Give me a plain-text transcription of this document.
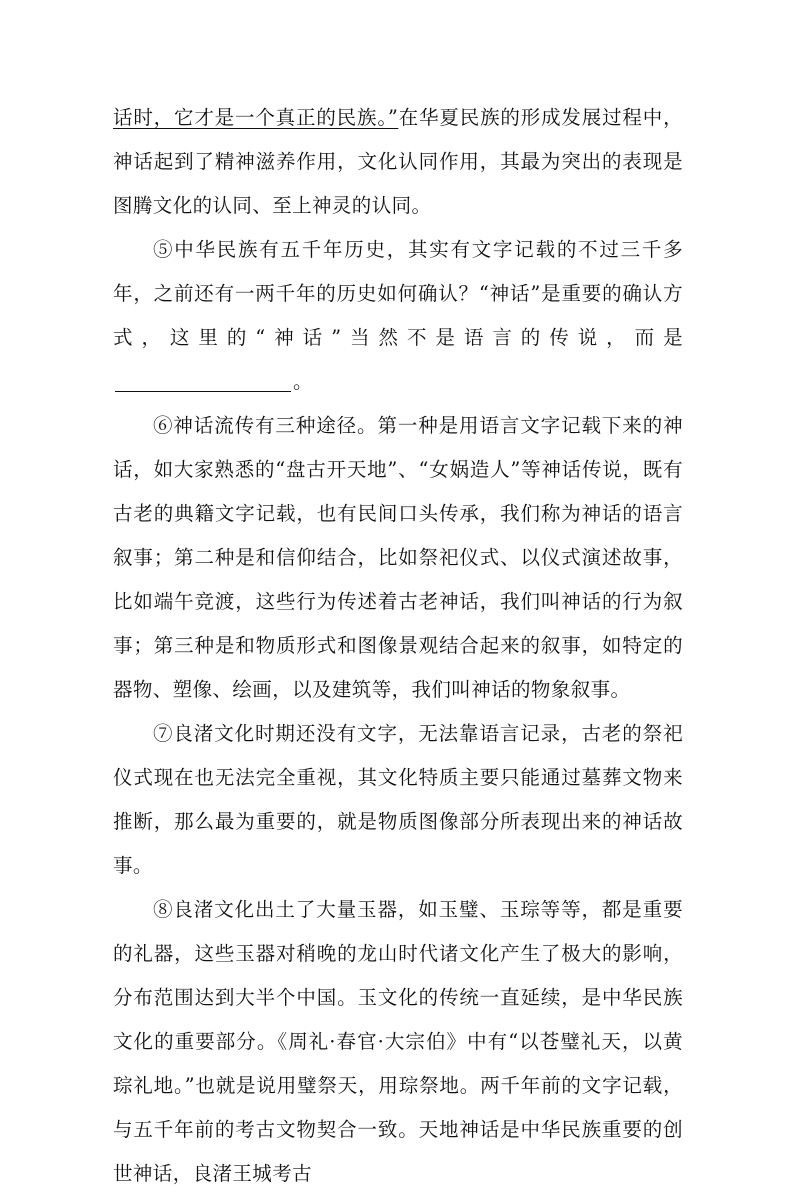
话时，它才是一个真正的民族。”在华夏民族的形成发展过程中，神话起到了精神滋养作用，文化认同作用，其最为突出的表现是图腾文化的认同、至上神灵的认同。

⑤中华民族有五千年历史，其实有文字记载的不过三千多年，之前还有一两千年的历史如何确认？“神话”是重要的确认方式，这里的“神话”当然不是语言的传说，而是。

⑥神话流传有三种途径。第一种是用语言文字记载下来的神话，如大家熟悉的“盘古开天地”、“女娲造人”等神话传说，既有古老的典籍文字记载，也有民间口头传承，我们称为神话的语言叙事；第二种是和信仰结合，比如祭祀仪式、以仪式演述故事，比如端午竞渡，这些行为传述着古老神话，我们叫神话的行为叙事；第三种是和物质形式和图像景观结合起来的叙事，如特定的器物、塑像、绘画，以及建筑等，我们叫神话的物象叙事。

⑦良渚文化时期还没有文字，无法靠语言记录，古老的祭祀仪式现在也无法完全重视，其文化特质主要只能通过墓葬文物来推断，那么最为重要的，就是物质图像部分所表现出来的神话故事。

⑧良渚文化出土了大量玉器，如玉璧、玉琮等等，都是重要的礼器，这些玉器对稍晚的龙山时代诸文化产生了极大的影响，分布范围达到大半个中国。玉文化的传统一直延续，是中华民族文化的重要部分。《周礼·春官·大宗伯》中有“以苍璧礼天，以黄琮礼地。”也就是说用璧祭天，用琮祭地。两千年前的文字记载，与五千年前的考古文物契合一致。天地神话是中华民族重要的创世神话，良渚王城考古
